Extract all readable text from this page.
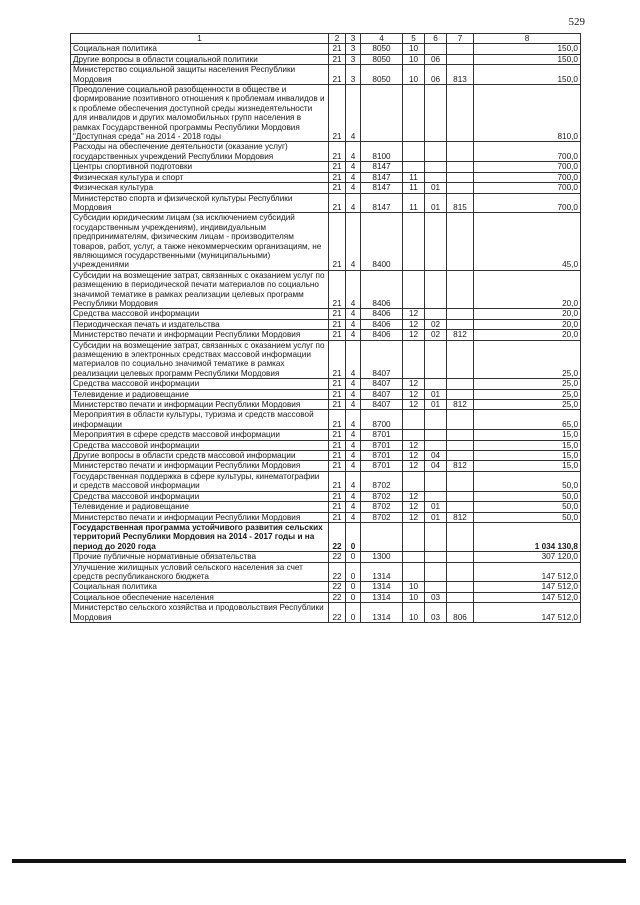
529
1	2	3	4	5	6	7	8
Социальная политика	21	3	8050	10			150,0
Другие вопросы в области социальной политики	21	3	8050	10	06		150,0
Министерство социальной защиты населения Республики Мордовия	21	3	8050	10	06	813	150,0
Преодоление социальной разобщенности в обществе и формирование позитивного отношения к проблемам инвалидов и к проблеме обеспечения доступной среды жизнедеятельности для инвалидов и других маломобильных групп населения в рамках Государственной программы Республики Мордовия "Доступная среда" на 2014 - 2018 годы	21	4					810,0
Расходы на обеспечение деятельности (оказание услуг) государственных учреждений Республики Мордовия	21	4	8100				700,0
Центры спортивной подготовки	21	4	8147				700,0
Физическая культура и спорт	21	4	8147	11			700,0
Физическая культура	21	4	8147	11	01		700,0
Министерство спорта и физической культуры Республики Мордовия	21	4	8147	11	01	815	700,0
Субсидии юридическим лицам (за исключением субсидий государственным учреждениям), индивидуальным предпринимателям, физическим лицам - производителям товаров, работ, услуг, а также некоммерческим организациям, не являющимся государственными (муниципальными) учреждениями	21	4	8400				45,0
Субсидии на возмещение затрат, связанных с оказанием услуг по размещению в периодической печати материалов по социально значимой тематике в рамках реализации целевых программ Республики Мордовия	21	4	8406				20,0
Средства массовой информации	21	4	8406	12			20,0
Периодическая печать и издательства	21	4	8406	12	02		20,0
Министерство печати и информации Республики Мордовия	21	4	8406	12	02	812	20,0
Субсидии на возмещение затрат, связанных с оказанием услуг по размещению в электронных средствах массовой информации материалов по социально значимой тематике в рамках реализации целевых программ Республики Мордовия	21	4	8407				25,0
Средства массовой информации	21	4	8407	12			25,0
Телевидение и радиовещание	21	4	8407	12	01		25,0
Министерство печати и информации Республики Мордовия	21	4	8407	12	01	812	25,0
Мероприятия в области культуры, туризма и средств массовой информации	21	4	8700				65,0
Мероприятия в сфере средств массовой информации	21	4	8701				15,0
Средства массовой информации	21	4	8701	12			15,0
Другие вопросы в области средств массовой информации	21	4	8701	12	04		15,0
Министерство печати и информации Республики Мордовия	21	4	8701	12	04	812	15,0
Государственная поддержка в сфере культуры, кинематографии и средств массовой информации	21	4	8702				50,0
Средства массовой информации	21	4	8702	12			50,0
Телевидение и радиовещание	21	4	8702	12	01		50,0
Министерство печати и информации Республики Мордовия	21	4	8702	12	01	812	50,0
Государственная программа устойчивого развития сельских территорий Республики Мордовия на 2014 - 2017 годы и на период до 2020 года	22	0					1 034 130,8
Прочие публичные нормативные обязательства	22	0	1300				307 120,0
Улучшение жилищных условий сельского населения за счет средств республиканского бюджета	22	0	1314				147 512,0
Социальная политика	22	0	1314	10			147 512,0
Социальное обеспечение населения	22	0	1314	10	03		147 512,0
Министерство сельского хозяйства и продовольствия Республики Мордовия	22	0	1314	10	03	806	147 512,0
